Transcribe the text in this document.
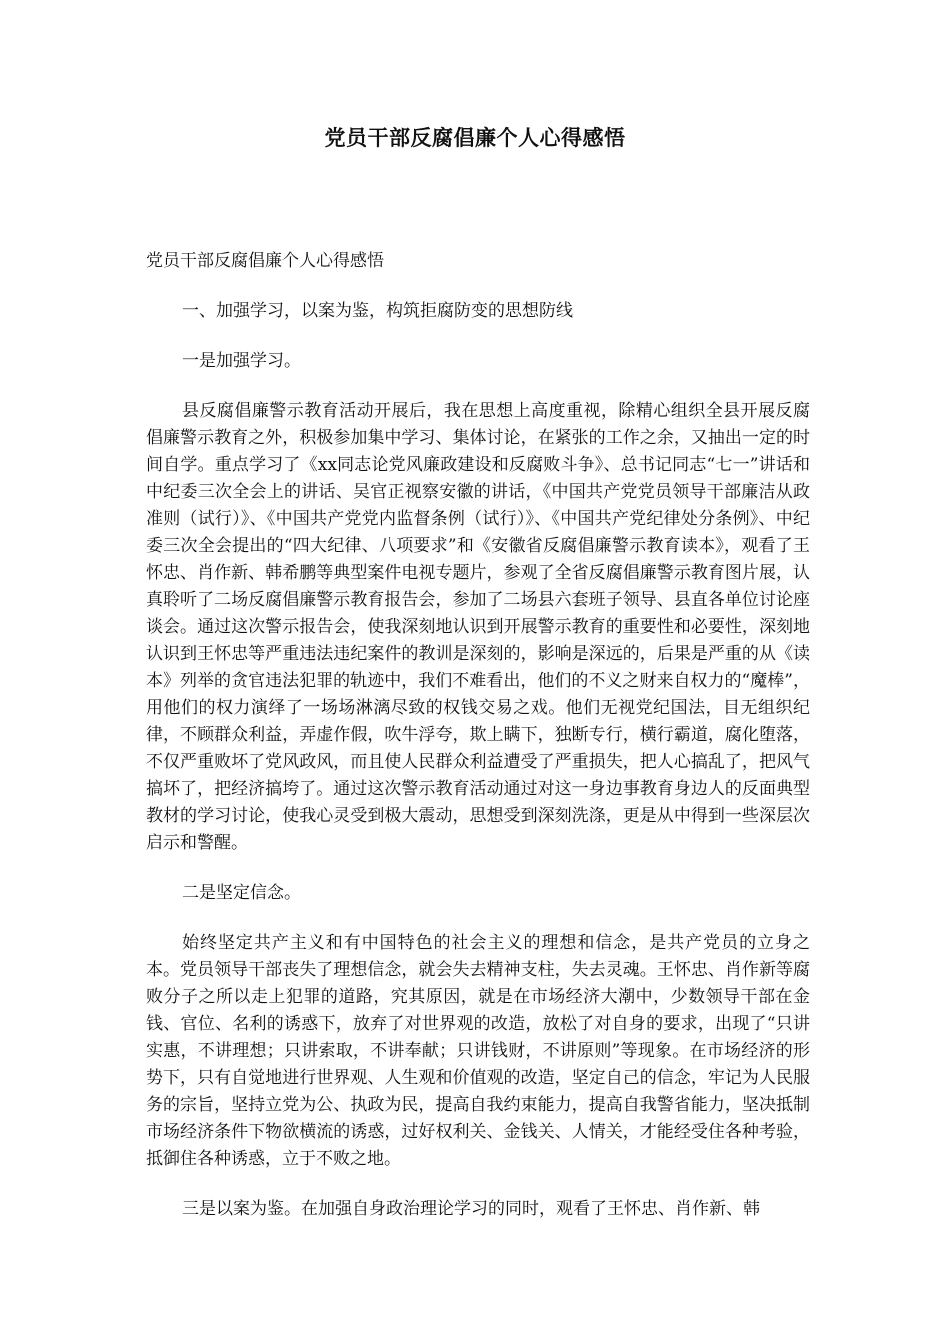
党员干部反腐倡廉个人心得感悟

党员干部反腐倡廉个人心得感悟

一、加强学习，以案为鉴，构筑拒腐防变的思想防线

一是加强学习。

县反腐倡廉警示教育活动开展后，我在思想上高度重视，除精心组织全县开展反腐倡廉警示教育之外，积极参加集中学习、集体讨论，在紧张的工作之余，又抽出一定的时间自学。重点学习了《xx同志论党风廉政建设和反腐败斗争》、总书记同志“七一”讲话和中纪委三次全会上的讲话、吴官正视察安徽的讲话，《中国共产党党员领导干部廉洁从政准则（试行）》、《中国共产党党内监督条例（试行）》、《中国共产党纪律处分条例》、中纪委三次全会提出的“四大纪律、八项要求”和《安徽省反腐倡廉警示教育读本》，观看了王怀忠、肖作新、韩希鹏等典型案件电视专题片，参观了全省反腐倡廉警示教育图片展，认真聆听了二场反腐倡廉警示教育报告会，参加了二场县六套班子领导、县直各单位讨论座谈会。通过这次警示报告会，使我深刻地认识到开展警示教育的重要性和必要性，深刻地认识到王怀忠等严重违法违纪案件的教训是深刻的，影响是深远的，后果是严重的从《读本》列举的贪官违法犯罪的轨迹中，我们不难看出，他们的不义之财来自权力的“魔棒”，用他们的权力演绎了一场场淋漓尽致的权钱交易之戏。他们无视党纪国法，目无组织纪律，不顾群众利益，弄虚作假，吹牛浮夸，欺上瞒下，独断专行，横行霸道，腐化堕落，不仅严重败坏了党风政风，而且使人民群众利益遭受了严重损失，把人心搞乱了，把风气搞坏了，把经济搞垮了。通过这次警示教育活动通过对这一身边事教育身边人的反面典型教材的学习讨论，使我心灵受到极大震动，思想受到深刻洗涤，更是从中得到一些深层次启示和警醒。

二是坚定信念。

始终坚定共产主义和有中国特色的社会主义的理想和信念，是共产党员的立身之本。党员领导干部丧失了理想信念，就会失去精神支柱，失去灵魂。王怀忠、肖作新等腐败分子之所以走上犯罪的道路，究其原因，就是在市场经济大潮中，少数领导干部在金钱、官位、名利的诱惑下，放弃了对世界观的改造，放松了对自身的要求，出现了“只讲实惠，不讲理想；只讲索取，不讲奉献；只讲钱财，不讲原则”等现象。在市场经济的形势下，只有自觉地进行世界观、人生观和价值观的改造，坚定自己的信念，牢记为人民服务的宗旨，坚持立党为公、执政为民，提高自我约束能力，提高自我警省能力，坚决抵制市场经济条件下物欲横流的诱惑，过好权利关、金钱关、人情关，才能经受住各种考验，抵御住各种诱惑，立于不败之地。

三是以案为鉴。在加强自身政治理论学习的同时，观看了王怀忠、肖作新、韩
